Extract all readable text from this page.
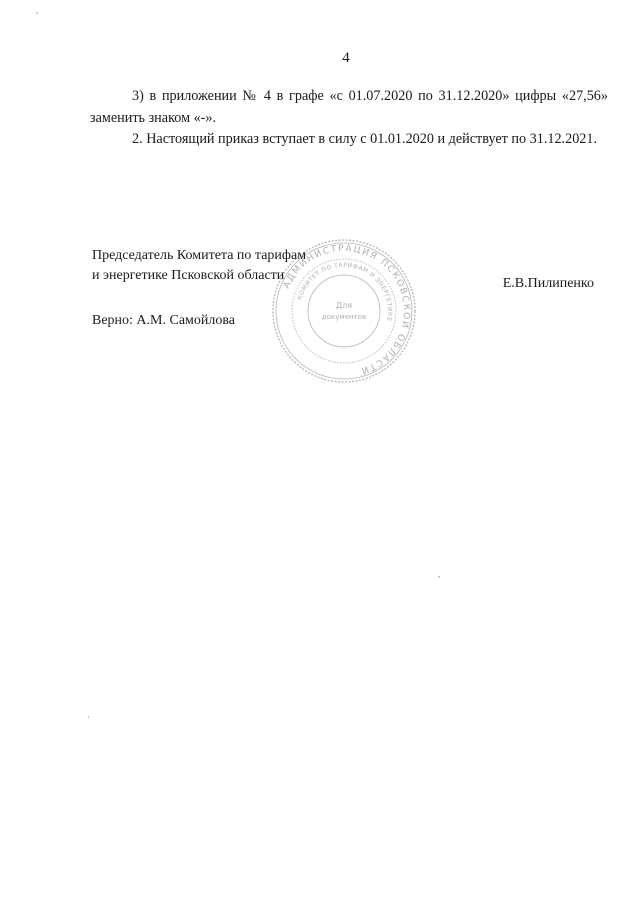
4

3) в приложении № 4 в графе «с 01.07.2020 по 31.12.2020» цифры «27,56» заменить знаком «-».

2. Настоящий приказ вступает в силу с 01.01.2020 и действует по 31.12.2021.

АДМИНИСТРАЦИЯ ПСКОВСКОЙ ОБЛАСТИ
КОМИТЕТ ПО ТАРИФАМ И ЭНЕРГЕТИКЕ
Для
документов
Председатель Комитета по тарифам
и энергетике Псковской области
Е.В.Пилипенко
Верно: А.М. Самойлова
